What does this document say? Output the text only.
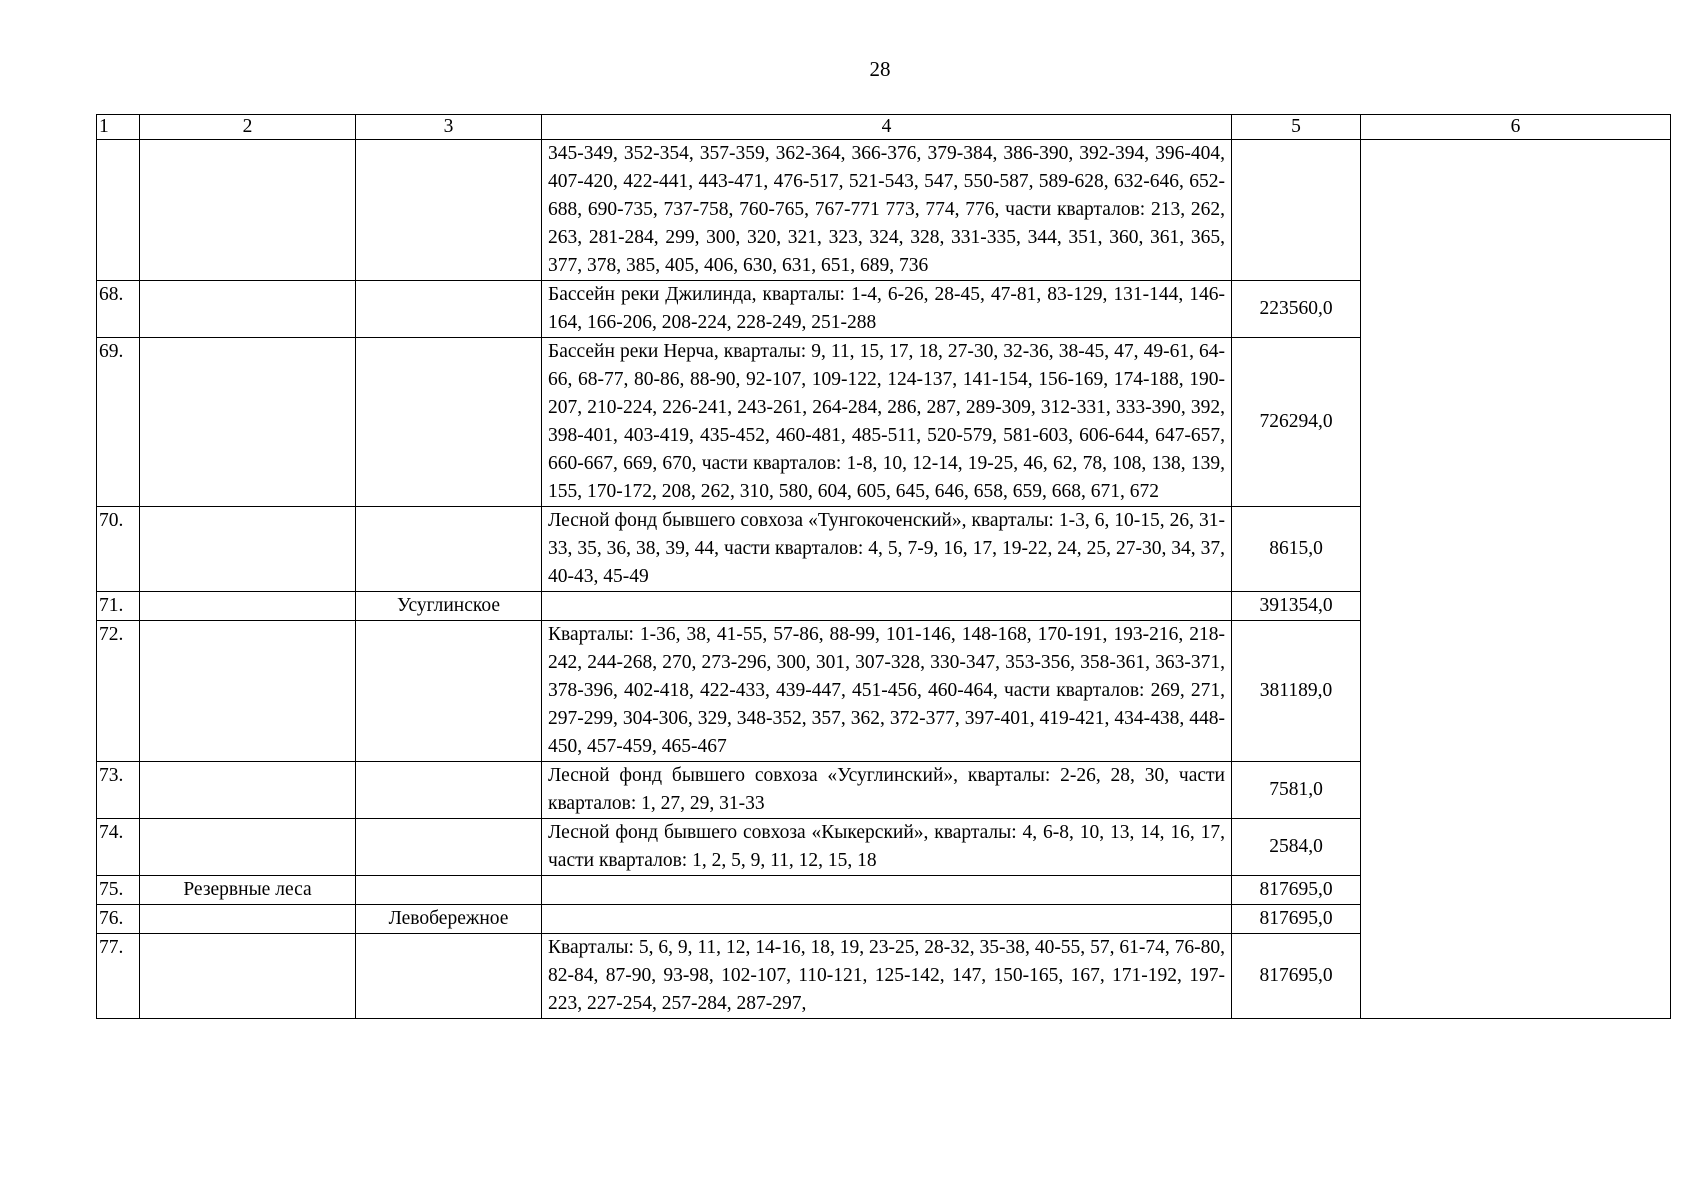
28
1	2	3	4	5	6
			345-349, 352-354, 357-359, 362-364, 366-376, 379-384, 386-390, 392-394, 396-404, 407-420, 422-441, 443-471, 476-517, 521-543, 547, 550-587, 589-628, 632-646, 652-688, 690-735, 737-758, 760-765, 767-771 773, 774, 776, части кварталов: 213, 262, 263, 281-284, 299, 300, 320, 321, 323, 324, 328, 331-335, 344, 351, 360, 361, 365, 377, 378, 385, 405, 406, 630, 631, 651, 689, 736		
68.			Бассейн реки Джилинда, кварталы: 1-4, 6-26, 28-45, 47-81, 83-129, 131-144, 146-164, 166-206, 208-224, 228-249, 251-288	223560,0	
69.			Бассейн реки Нерча, кварталы: 9, 11, 15, 17, 18, 27-30, 32-36, 38-45, 47, 49-61, 64-66, 68-77, 80-86, 88-90, 92-107, 109-122, 124-137, 141-154, 156-169, 174-188, 190-207, 210-224, 226-241, 243-261, 264-284, 286, 287, 289-309, 312-331, 333-390, 392, 398-401, 403-419, 435-452, 460-481, 485-511, 520-579, 581-603, 606-644, 647-657, 660-667, 669, 670, части кварталов: 1-8, 10, 12-14, 19-25, 46, 62, 78, 108, 138, 139, 155, 170-172, 208, 262, 310, 580, 604, 605, 645, 646, 658, 659, 668, 671, 672	726294,0	
70.			Лесной фонд бывшего совхоза «Тунгокоченский», кварталы: 1-3, 6, 10-15, 26, 31-33, 35, 36, 38, 39, 44, части кварталов: 4, 5, 7-9, 16, 17, 19-22, 24, 25, 27-30, 34, 37, 40-43, 45-49	8615,0	
71.		Усуглинское		391354,0	
72.			Кварталы: 1-36, 38, 41-55, 57-86, 88-99, 101-146, 148-168, 170-191, 193-216, 218-242, 244-268, 270, 273-296, 300, 301, 307-328, 330-347, 353-356, 358-361, 363-371, 378-396, 402-418, 422-433, 439-447, 451-456, 460-464, части кварталов: 269, 271, 297-299, 304-306, 329, 348-352, 357, 362, 372-377, 397-401, 419-421, 434-438, 448-450, 457-459, 465-467	381189,0	
73.			Лесной фонд бывшего совхоза «Усуглинский», кварталы: 2-26, 28, 30, части кварталов: 1, 27, 29, 31-33	7581,0	
74.			Лесной фонд бывшего совхоза «Кыкерский», кварталы: 4, 6-8, 10, 13, 14, 16, 17, части кварталов: 1, 2, 5, 9, 11, 12, 15, 18	2584,0	
75.	Резервные леса			817695,0	
76.		Левобережное		817695,0	
77.			Кварталы: 5, 6, 9, 11, 12, 14-16, 18, 19, 23-25, 28-32, 35-38, 40-55, 57, 61-74, 76-80, 82-84, 87-90, 93-98, 102-107, 110-121, 125-142, 147, 150-165, 167, 171-192, 197-223, 227-254, 257-284, 287-297,	817695,0	
